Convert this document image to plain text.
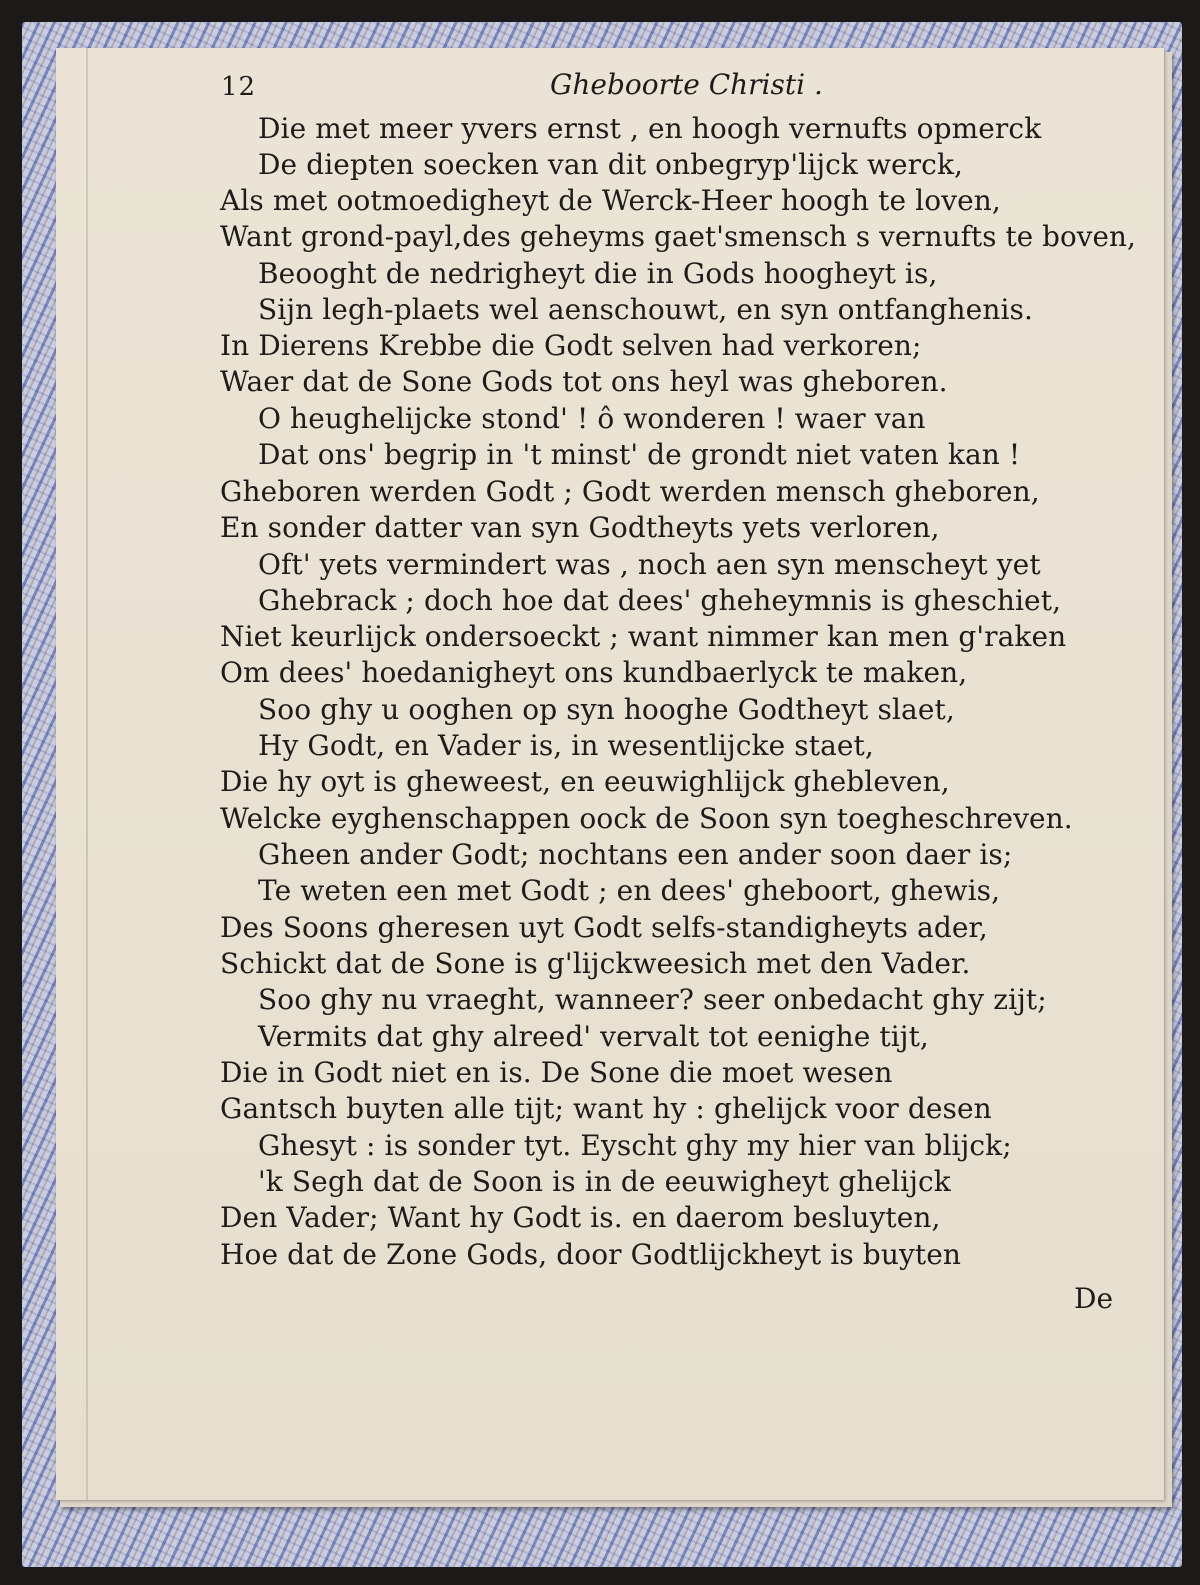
12	Gheboorte Christi .
Die met meer yvers ernst , en hoogh vernufts opmerck
De diepten soecken van dit onbegryp'lijck werck,
Als met ootmoedigheyt de Werck-Heer hoogh te loven,
Want grond-payl,des geheyms gaet'smensch s vernufts te boven,
Beooght de nedrigheyt die in Gods hoogheyt is,
Sijn legh-plaets wel aenschouwt, en syn ontfanghenis.
In Dierens Krebbe die Godt selven had verkoren;
Waer dat de Sone Gods tot ons heyl was gheboren.
O heughelijcke stond' ! ô wonderen ! waer van
Dat ons' begrip in 't minst' de grondt niet vaten kan !
Gheboren werden Godt ; Godt werden mensch gheboren,
En sonder datter van syn Godtheyts yets verloren,
Oft' yets vermindert was , noch aen syn menscheyt yet
Ghebrack ; doch hoe dat dees' gheheymnis is gheschiet,
Niet keurlijck ondersoeckt ; want nimmer kan men g'raken
Om dees' hoedanigheyt ons kundbaerlyck te maken,
Soo ghy u ooghen op syn hooghe Godtheyt slaet,
Hy Godt, en Vader is, in wesentlijcke staet,
Die hy oyt is gheweest, en eeuwighlijck ghebleven,
Welcke eyghenschappen oock de Soon syn toegheschreven.
Gheen ander Godt; nochtans een ander soon daer is;
Te weten een met Godt ; en dees' gheboort, ghewis,
Des Soons gheresen uyt Godt selfs-standigheyts ader,
Schickt dat de Sone is g'lijckweesich met den Vader.
Soo ghy nu vraeght, wanneer? seer onbedacht ghy zijt;
Vermits dat ghy alreed' vervalt tot eenighe tijt,
Die in Godt niet en is. De Sone die moet wesen
Gantsch buyten alle tijt; want hy : ghelijck voor desen
Ghesyt : is sonder tyt. Eyscht ghy my hier van blijck;
'k Segh dat de Soon is in de eeuwigheyt ghelijck
Den Vader; Want hy Godt is. en daerom besluyten,
Hoe dat de Zone Gods, door Godtlijckheyt is buyten
De
